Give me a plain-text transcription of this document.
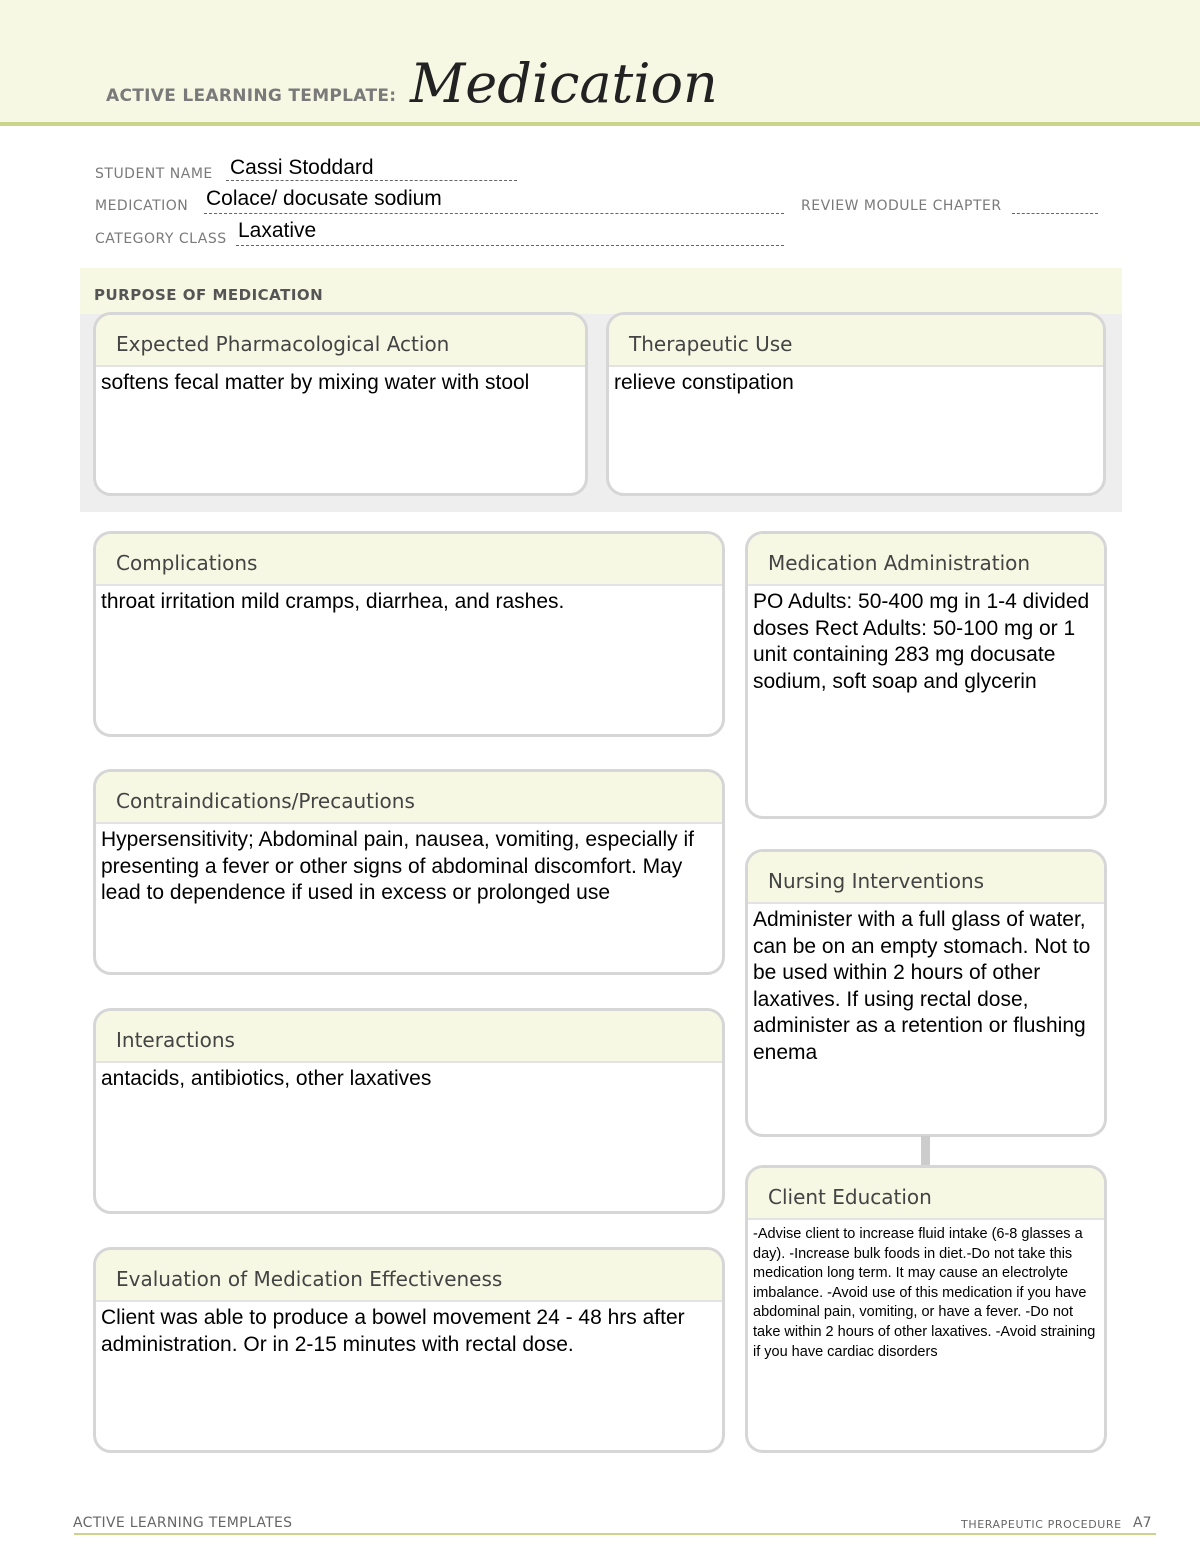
ACTIVE LEARNING TEMPLATE: Medication
STUDENT NAME Cassi Stoddard
MEDICATION Colace/ docusate sodium	REVIEW MODULE CHAPTER
CATEGORY CLASS Laxative
PURPOSE OF MEDICATION
Expected Pharmacological Action
softens fecal matter by mixing water with stool
Therapeutic Use
relieve constipation
Complications
throat irritation mild cramps, diarrhea, and rashes.
Contraindications/Precautions
Hypersensitivity; Abdominal pain, nausea, vomiting, especially if presenting a fever or other signs of abdominal discomfort. May lead to dependence if used in excess or prolonged use
Interactions
antacids, antibiotics, other laxatives
Evaluation of Medication Effectiveness
Client was able to produce a bowel movement 24 - 48 hrs after administration. Or in 2-15 minutes with rectal dose.
Medication Administration
PO Adults: 50-400 mg in 1-4 divided doses Rect Adults: 50-100 mg or 1 unit containing 283 mg docusate sodium, soft soap and glycerin
Nursing Interventions
Administer with a full glass of water, can be on an empty stomach. Not to be used within 2 hours of other laxatives. If using rectal dose, administer as a retention or flushing enema
Client Education
-Advise client to increase fluid intake (6-8 glasses a day). -Increase bulk foods in diet.-Do not take this medication long term. It may cause an electrolyte imbalance. -Avoid use of this medication if you have abdominal pain, vomiting, or have a fever. -Do not take within 2 hours of other laxatives. -Avoid straining if you have cardiac disorders
ACTIVE LEARNING TEMPLATES	THERAPEUTIC PROCEDURE A7
